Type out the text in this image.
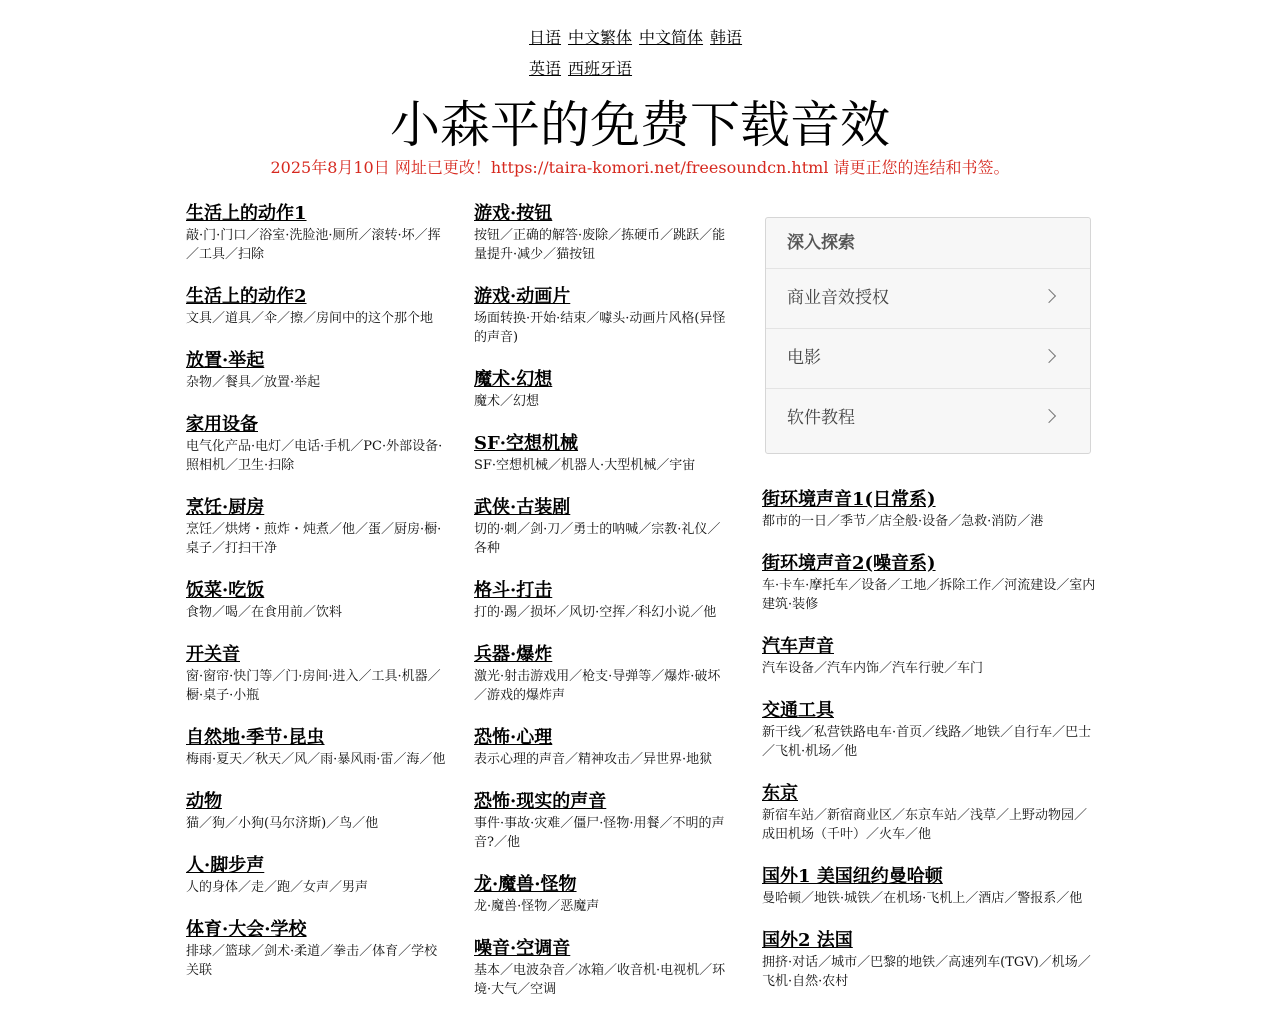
日语 中文繁体 中文简体 韩语
英语 西班牙语
小森平的免费下载音效
2025年8月10日 网址已更改！https://taira-komori.net/freesoundcn.html 请更正您的连结和书签。
生活上的动作1
敲·门·门口／浴室·洗脸池·厕所／滚转·坏／挥／工具／扫除
生活上的动作2
文具／道具／伞／擦／房间中的这个那个地
放置·举起
杂物／餐具／放置·举起
家用设备
电气化产品·电灯／电话·手机／PC·外部设备·照相机／卫生·扫除
烹饪·厨房
烹饪／烘烤・煎炸・炖煮／他／蛋／厨房·橱·桌子／打扫干净
饭菜·吃饭
食物／喝／在食用前／饮料
开关音
窗·窗帘·快门等／门·房间·进入／工具·机器／橱·桌子·小瓶
自然地·季节·昆虫
梅雨·夏天／秋天／风／雨·暴风雨·雷／海／他
动物
猫／狗／小狗(马尔济斯)／鸟／他
人·脚步声
人的身体／走／跑／女声／男声
体育·大会·学校
排球／篮球／剑术·柔道／拳击／体育／学校关联
游戏·按钮
按钮／正确的解答·废除／拣硬币／跳跃／能量提升·减少／猫按钮
游戏·动画片
场面转换·开始·结束／噱头·动画片风格(异怪的声音)
魔术·幻想
魔术／幻想
SF·空想机械
SF·空想机械／机器人·大型机械／宇宙
武侠·古装剧
切的·刺／剑·刀／勇士的呐喊／宗教·礼仪／各种
格斗·打击
打的·踢／损坏／风切·空挥／科幻小说／他
兵器·爆炸
激光·射击游戏用／枪支·导弹等／爆炸·破坏／游戏的爆炸声
恐怖·心理
表示心理的声音／精神攻击／异世界·地狱
恐怖·现实的声音
事件·事故·灾难／僵尸·怪物·用餐／不明的声音?／他
龙·魔兽·怪物
龙·魔兽·怪物／恶魔声
噪音·空调音
基本／电波杂音／冰箱／收音机·电视机／环境·大气／空调
深入探索
商业音效授权
电影
软件教程
街环境声音1(日常系)
都市的一日／季节／店全般·设备／急救·消防／港
街环境声音2(噪音系)
车·卡车·摩托车／设备／工地／拆除工作／河流建设／室内建筑·装修
汽车声音
汽车设备／汽车内饰／汽车行驶／车门
交通工具
新干线／私营铁路电车·首页／线路／地铁／自行车／巴士／飞机·机场／他
东京
新宿车站／新宿商业区／东京车站／浅草／上野动物园／成田机场（千叶）／火车／他
国外1 美国纽约曼哈顿
曼哈顿／地铁·城铁／在机场·飞机上／酒店／警报系／他
国外2 法国
拥挤·对话／城市／巴黎的地铁／高速列车(TGV)／机场／飞机·自然·农村
